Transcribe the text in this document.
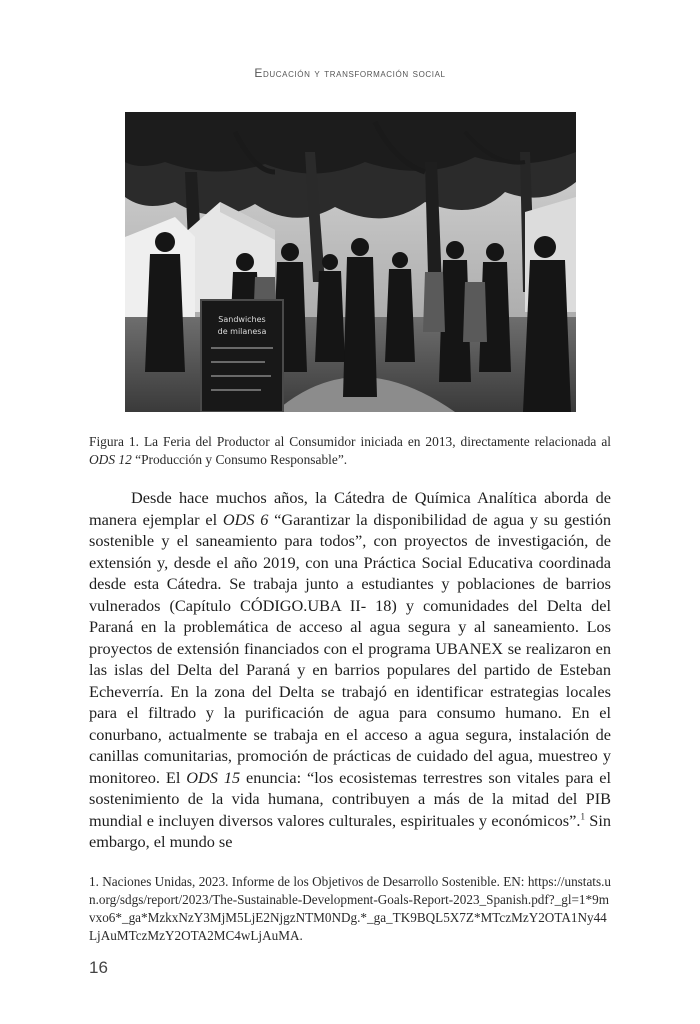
Educación y transformación social
Sandwiches
de milanesa
Figura 1. La Feria del Productor al Consumidor iniciada en 2013, directamente relacionada al ODS 12 “Producción y Consumo Responsable”.

Desde hace muchos años, la Cátedra de Química Analítica aborda de manera ejemplar el ODS 6 “Garantizar la disponibilidad de agua y su gestión sostenible y el saneamiento para todos”, con proyectos de investigación, de extensión y, desde el año 2019, con una Práctica Social Educativa coordinada desde esta Cátedra. Se trabaja junto a estudiantes y poblaciones de barrios vulnerados (Capítulo CÓDIGO.UBA II- 18) y comunidades del Delta del Paraná en la problemática de acceso al agua segura y al saneamiento. Los proyectos de extensión financiados con el programa UBANEX se realizaron en las islas del Delta del Paraná y en barrios populares del partido de Esteban Echeverría. En la zona del Delta se trabajó en identificar estrategias locales para el filtrado y la purificación de agua para consumo humano. En el conurbano, actualmente se trabaja en el acceso a agua segura, instalación de canillas comunitarias, promoción de prácticas de cuidado del agua, muestreo y monitoreo. El ODS 15 enuncia: “los ecosistemas terrestres son vitales para el sostenimiento de la vida humana, contribuyen a más de la mitad del PIB mundial e incluyen diversos valores culturales, espirituales y económicos”.$^1$ Sin embargo, el mundo se

1. Naciones Unidas, 2023. Informe de los Objetivos de Desarrollo Sostenible. EN: https://unstats.un.org/sdgs/report/2023/The-Sustainable-Development-Goals-Report-2023_Spanish.pdf?_gl=1*9mvxo6*_ga*MzkxNzY3MjM5LjE2NjgzNTM0NDg.*_ga_TK9BQL5X7Z*MTczMzY2OTA1Ny44LjAuMTczMzY2OTA2MC4wLjAuMA.
16
